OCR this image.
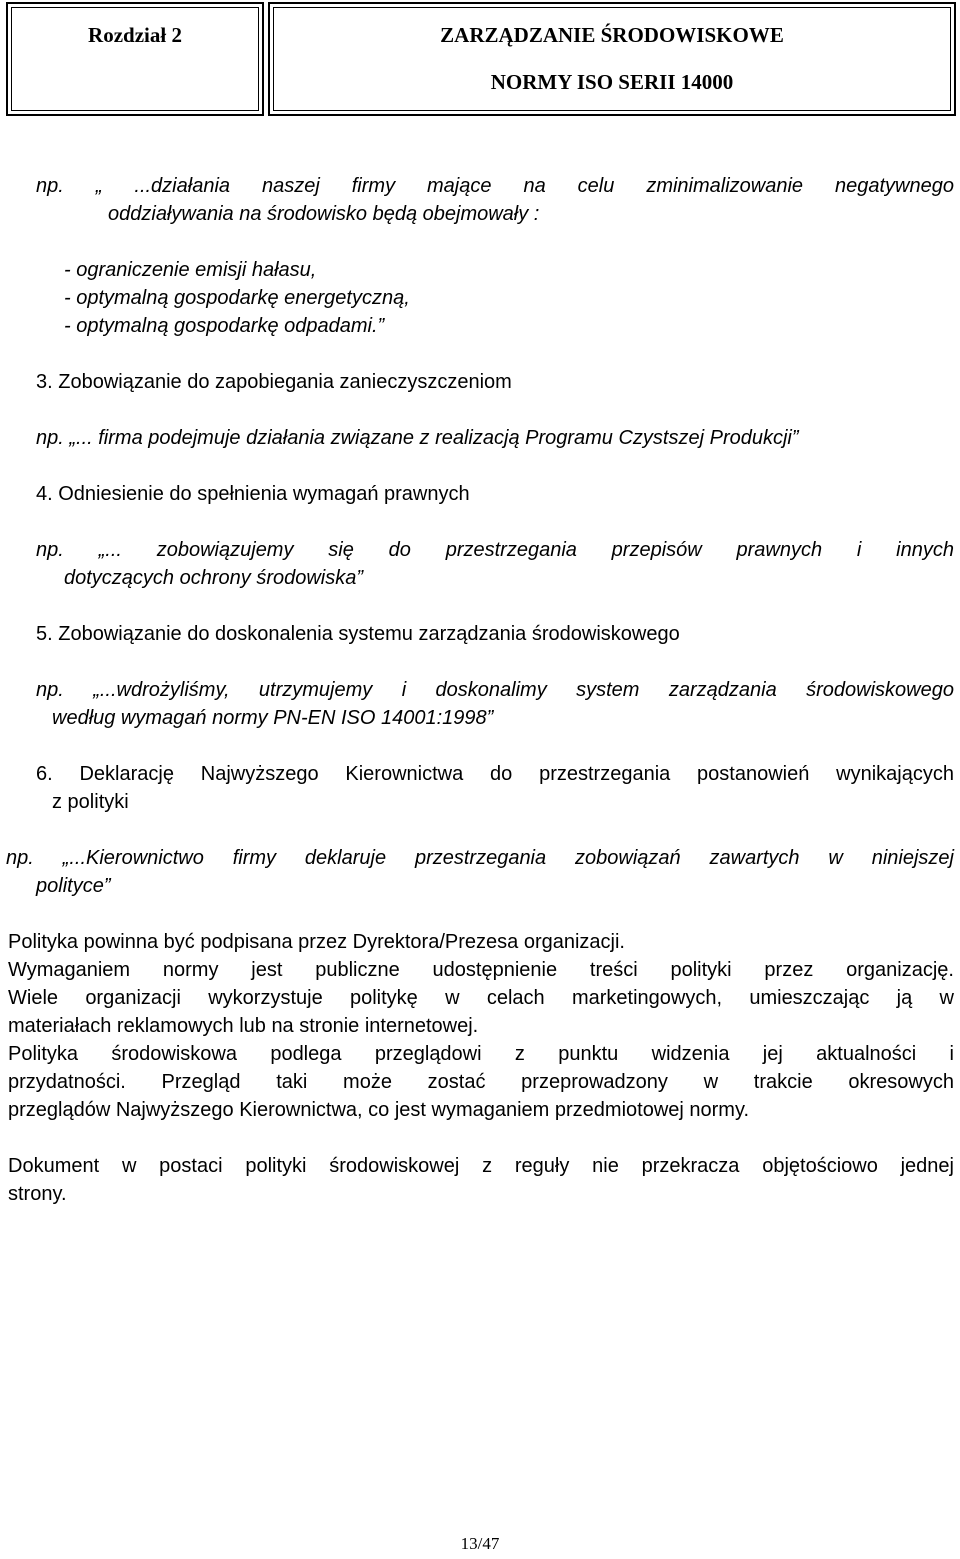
Rozdział 2	ZARZĄDZANIE ŚRODOWISKOWE
NORMY ISO SERII 14000
np. „ ...działania naszej firmy mające na celu zminimalizowanie negatywnego
oddziaływania na środowisko będą obejmowały :
- ograniczenie emisji hałasu,
- optymalną gospodarkę energetyczną,
- optymalną gospodarkę odpadami.”
3. Zobowiązanie do zapobiegania zanieczyszczeniom
np. „... firma podejmuje działania związane z realizacją Programu Czystszej Produkcji”
4. Odniesienie do spełnienia wymagań prawnych
np. „... zobowiązujemy się do przestrzegania przepisów prawnych i innych
dotyczących ochrony środowiska”
5. Zobowiązanie do doskonalenia systemu zarządzania środowiskowego
np. „...wdrożyliśmy, utrzymujemy i doskonalimy system zarządzania środowiskowego
według wymagań normy PN-EN ISO 14001:1998”
6. Deklarację Najwyższego Kierownictwa do przestrzegania postanowień wynikających
z polityki
np. „...Kierownictwo firmy deklaruje przestrzegania zobowiązań zawartych w niniejszej
polityce”
Polityka powinna być podpisana przez Dyrektora/Prezesa organizacji.
Wymaganiem normy jest publiczne udostępnienie treści polityki przez organizację.
Wiele organizacji wykorzystuje politykę w celach marketingowych, umieszczając ją w
materiałach reklamowych lub na stronie internetowej.
Polityka środowiskowa podlega przeglądowi z punktu widzenia jej aktualności i
przydatności. Przegląd taki może zostać przeprowadzony w trakcie okresowych
przeglądów Najwyższego Kierownictwa, co jest wymaganiem przedmiotowej normy.
Dokument w postaci polityki środowiskowej z reguły nie przekracza objętościowo jednej
strony.
13/47
